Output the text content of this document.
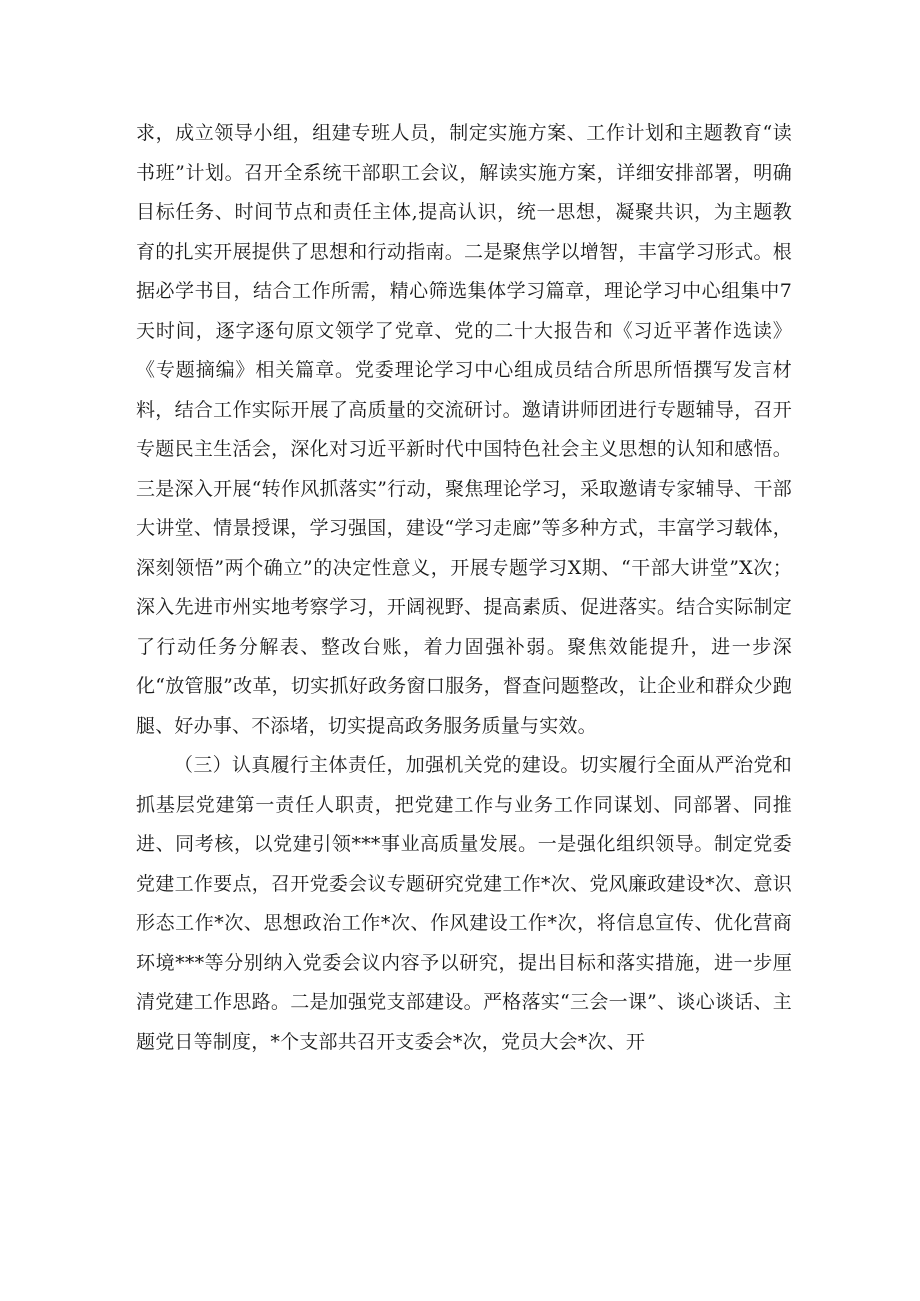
求，成立领导小组，组建专班人员，制定实施方案、工作计划和主题教育“读书班”计划。召开全系统干部职工会议，解读实施方案，详细安排部署，明确目标任务、时间节点和责任主体,提高认识，统一思想，凝聚共识，为主题教育的扎实开展提供了思想和行动指南。二是聚焦学以增智，丰富学习形式。根据必学书目，结合工作所需，精心筛选集体学习篇章，理论学习中心组集中7天时间，逐字逐句原文领学了党章、党的二十大报告和《习近平著作选读》《专题摘编》相关篇章。党委理论学习中心组成员结合所思所悟撰写发言材料，结合工作实际开展了高质量的交流研讨。邀请讲师团进行专题辅导，召开专题民主生活会，深化对习近平新时代中国特色社会主义思想的认知和感悟。三是深入开展“转作风抓落实”行动，聚焦理论学习，采取邀请专家辅导、干部大讲堂、情景授课，学习强国，建设“学习走廊”等多种方式，丰富学习载体，深刻领悟”两个确立”的决定性意义，开展专题学习X期、“干部大讲堂”X次；深入先进市州实地考察学习，开阔视野、提高素质、促进落实。结合实际制定了行动任务分解表、整改台账，着力固强补弱。聚焦效能提升，进一步深化“放管服”改革，切实抓好政务窗口服务，督查问题整改，让企业和群众少跑腿、好办事、不添堵，切实提高政务服务质量与实效。

（三）认真履行主体责任，加强机关党的建设。切实履行全面从严治党和抓基层党建第一责任人职责，把党建工作与业务工作同谋划、同部署、同推进、同考核，以党建引领***事业高质量发展。一是强化组织领导。制定党委党建工作要点，召开党委会议专题研究党建工作*次、党风廉政建设*次、意识形态工作*次、思想政治工作*次、作风建设工作*次，将信息宣传、优化营商环境***等分别纳入党委会议内容予以研究，提出目标和落实措施，进一步厘清党建工作思路。二是加强党支部建设。严格落实“三会一课”、谈心谈话、主题党日等制度，*个支部共召开支委会*次，党员大会*次、开
